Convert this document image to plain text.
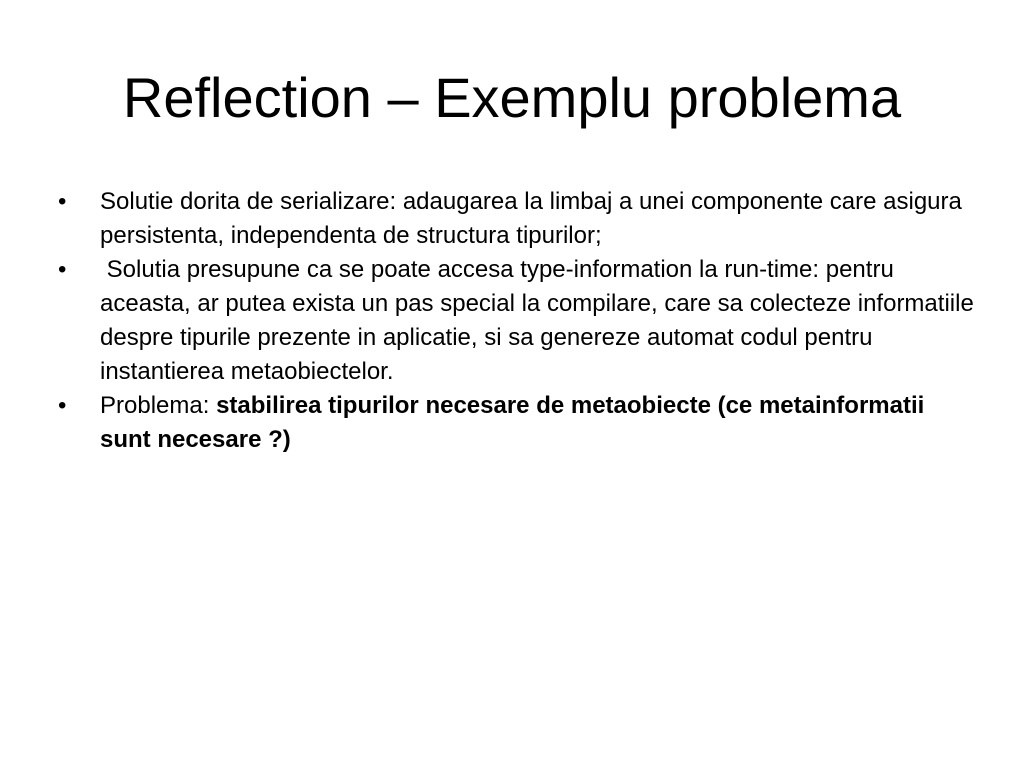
Reflection – Exemplu problema
•	Solutie dorita de serializare: adaugarea la limbaj a unei componente care asigura persistenta, independenta de structura tipurilor;
•	Solutia presupune ca se poate accesa type-information la run-time: pentru aceasta, ar putea exista un pas special la compilare, care sa colecteze informatiile despre tipurile prezente in aplicatie, si sa genereze automat codul pentru instantierea metaobiectelor.
•	Problema: stabilirea tipurilor necesare de metaobiecte (ce metainformatii sunt necesare ?)
